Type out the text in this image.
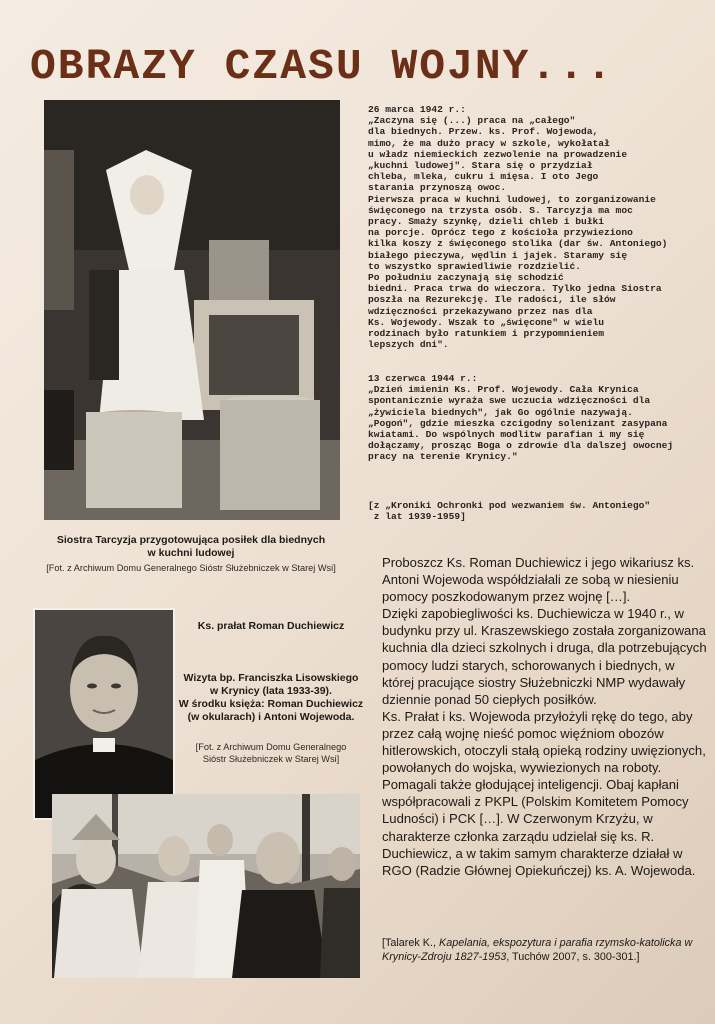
OBRAZY CZASU WOJNY...

Siostra Tarcyzja przygotowująca posiłek dla biednych
w kuchni ludowej

[Fot. z Archiwum Domu Generalnego Sióstr Służebniczek w Starej Wsi]

26 marca 1942 r.:
„Zaczyna się (...) praca na „całego"
dla biednych. Przew. ks. Prof. Wojewoda,
mimo, że ma dużo pracy w szkole, wykołatał
u władz niemieckich zezwolenie na prowadzenie
„kuchni ludowej". Stara się o przydział
chleba, mleka, cukru i mięsa. I oto Jego
starania przynoszą owoc.
Pierwsza praca w kuchni ludowej, to zorganizowanie
święconego na trzysta osób. S. Tarcyzja ma moc
pracy. Smaży szynkę, dzieli chleb i bułki
na porcje. Oprócz tego z kościoła przywieziono
kilka koszy z święconego stolika (dar św. Antoniego)
białego pieczywa, wędlin i jajek. Staramy się
to wszystko sprawiedliwie rozdzielić.
Po południu zaczynają się schodzić
biedni. Praca trwa do wieczora. Tylko jedna Siostra
poszła na Rezurekcję. Ile radości, ile słów
wdzięczności przekazywano przez nas dla
Ks. Wojewody. Wszak to „święcone" w wielu
rodzinach było ratunkiem i przypomnieniem
lepszych dni".

13 czerwca 1944 r.:
„Dzień imienin Ks. Prof. Wojewody. Cała Krynica
spontanicznie wyraża swe uczucia wdzięczności dla
„żywiciela biednych", jak Go ogólnie nazywają.
„Pogoń", gdzie mieszka czcigodny solenizant zasypana
kwiatami. Do wspólnych modlitw parafian i my się
dołączamy, prosząc Boga o zdrowie dla dalszej owocnej
pracy na terenie Krynicy."

[z „Kroniki Ochronki pod wezwaniem św. Antoniego"
z lat 1939-1959]

Ks. prałat Roman Duchiewicz

Wizyta bp. Franciszka Lisowskiego
w Krynicy (lata 1933-39).
W środku księża: Roman Duchiewicz
(w okularach) i Antoni Wojewoda.

[Fot. z Archiwum Domu Generalnego
Sióstr Służebniczek w Starej Wsi]

Proboszcz Ks. Roman Duchiewicz i jego wikariusz ks. Antoni Wojewoda współdziałali ze sobą w niesieniu pomocy poszkodowanym przez wojnę […].

Dzięki zapobiegliwości ks. Duchiewicza w 1940 r., w budynku przy ul. Kraszewskiego została zorganizowana kuchnia dla dzieci szkolnych i druga, dla potrzebujących pomocy ludzi starych, schorowanych i biednych, w której pracujące siostry Służebniczki NMP wydawały dziennie ponad 50 ciepłych posiłków.

Ks. Prałat i ks. Wojewoda przyłożyli rękę do tego, aby przez całą wojnę nieść pomoc więźniom obozów hitlerowskich, otoczyli stałą opieką rodziny uwięzionych, powołanych do wojska, wywiezionych na roboty. Pomagali także głodującej inteligencji. Obaj kapłani współpracowali z PKPL (Polskim Komitetem Pomocy Ludności) i PCK […]. W Czerwonym Krzyżu, w charakterze członka zarządu udzielał się ks. R. Duchiewicz, a w takim samym charakterze działał w RGO (Radzie Głównej Opiekuńczej) ks. A. Wojewoda.

[Talarek K., Kapelania, ekspozytura i parafia rzymsko-katolicka w Krynicy-Zdroju 1827-1953, Tuchów 2007, s. 300-301.]
